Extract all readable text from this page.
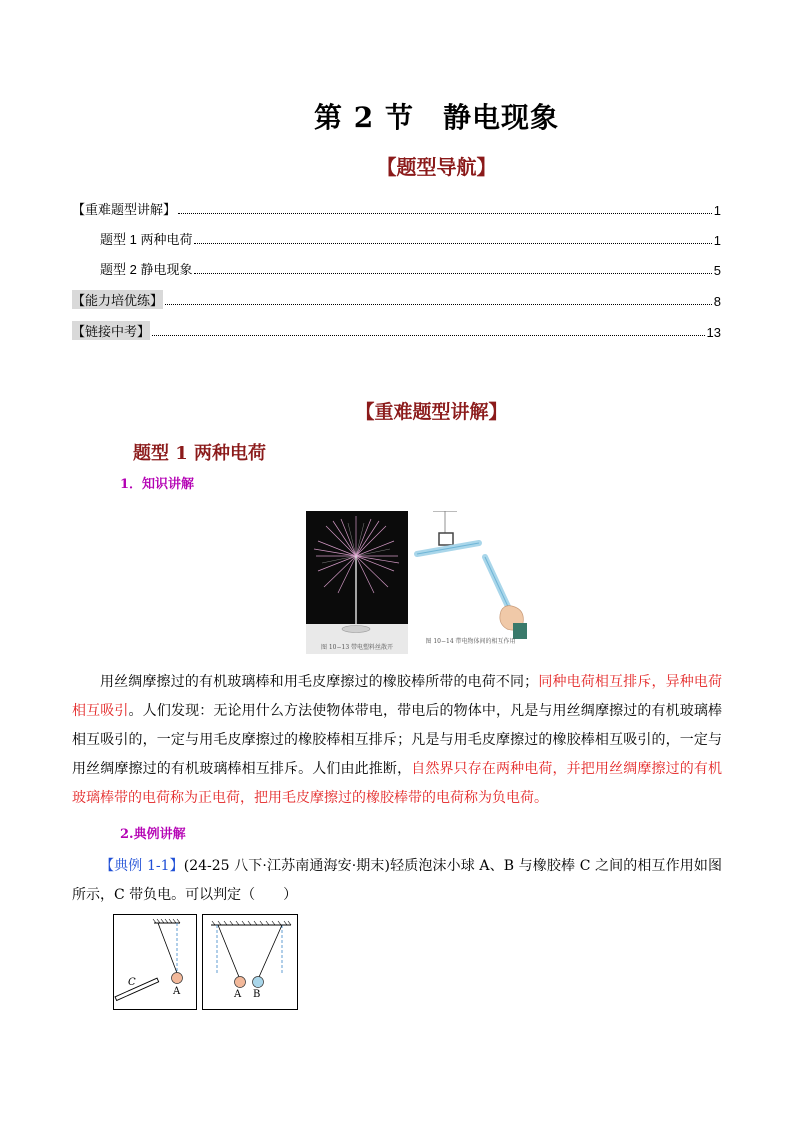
第 2 节　静电现象
【题型导航】
【重难题型讲解】	1
题型 1 两种电荷	1
题型 2 静电现象	5
【能力培优练】	8
【链接中考】	13
【重难题型讲解】
题型 1 两种电荷
1．知识讲解
图 10−13 带电塑料丝散开
图 10−14 带电物体间的相互作用
用丝绸摩擦过的有机玻璃棒和用毛皮摩擦过的橡胶棒所带的电荷不同；同种电荷相互排斥，异种电荷相互吸引。人们发现：无论用什么方法使物体带电，带电后的物体中，凡是与用丝绸摩擦过的有机玻璃棒相互吸引的，一定与用毛皮摩擦过的橡胶棒相互排斥；凡是与用毛皮摩擦过的橡胶棒相互吸引的，一定与用丝绸摩擦过的有机玻璃棒相互排斥。人们由此推断，自然界只存在两种电荷，并把用丝绸摩擦过的有机玻璃棒带的电荷称为正电荷，把用毛皮摩擦过的橡胶棒带的电荷称为负电荷。
2.典例讲解
【典例 1-1】(24-25 八下·江苏南通海安·期末)轻质泡沫小球 A、B 与橡胶棒 C 之间的相互作用如图所示，C 带负电。可以判定（　　）
C
A	A B
